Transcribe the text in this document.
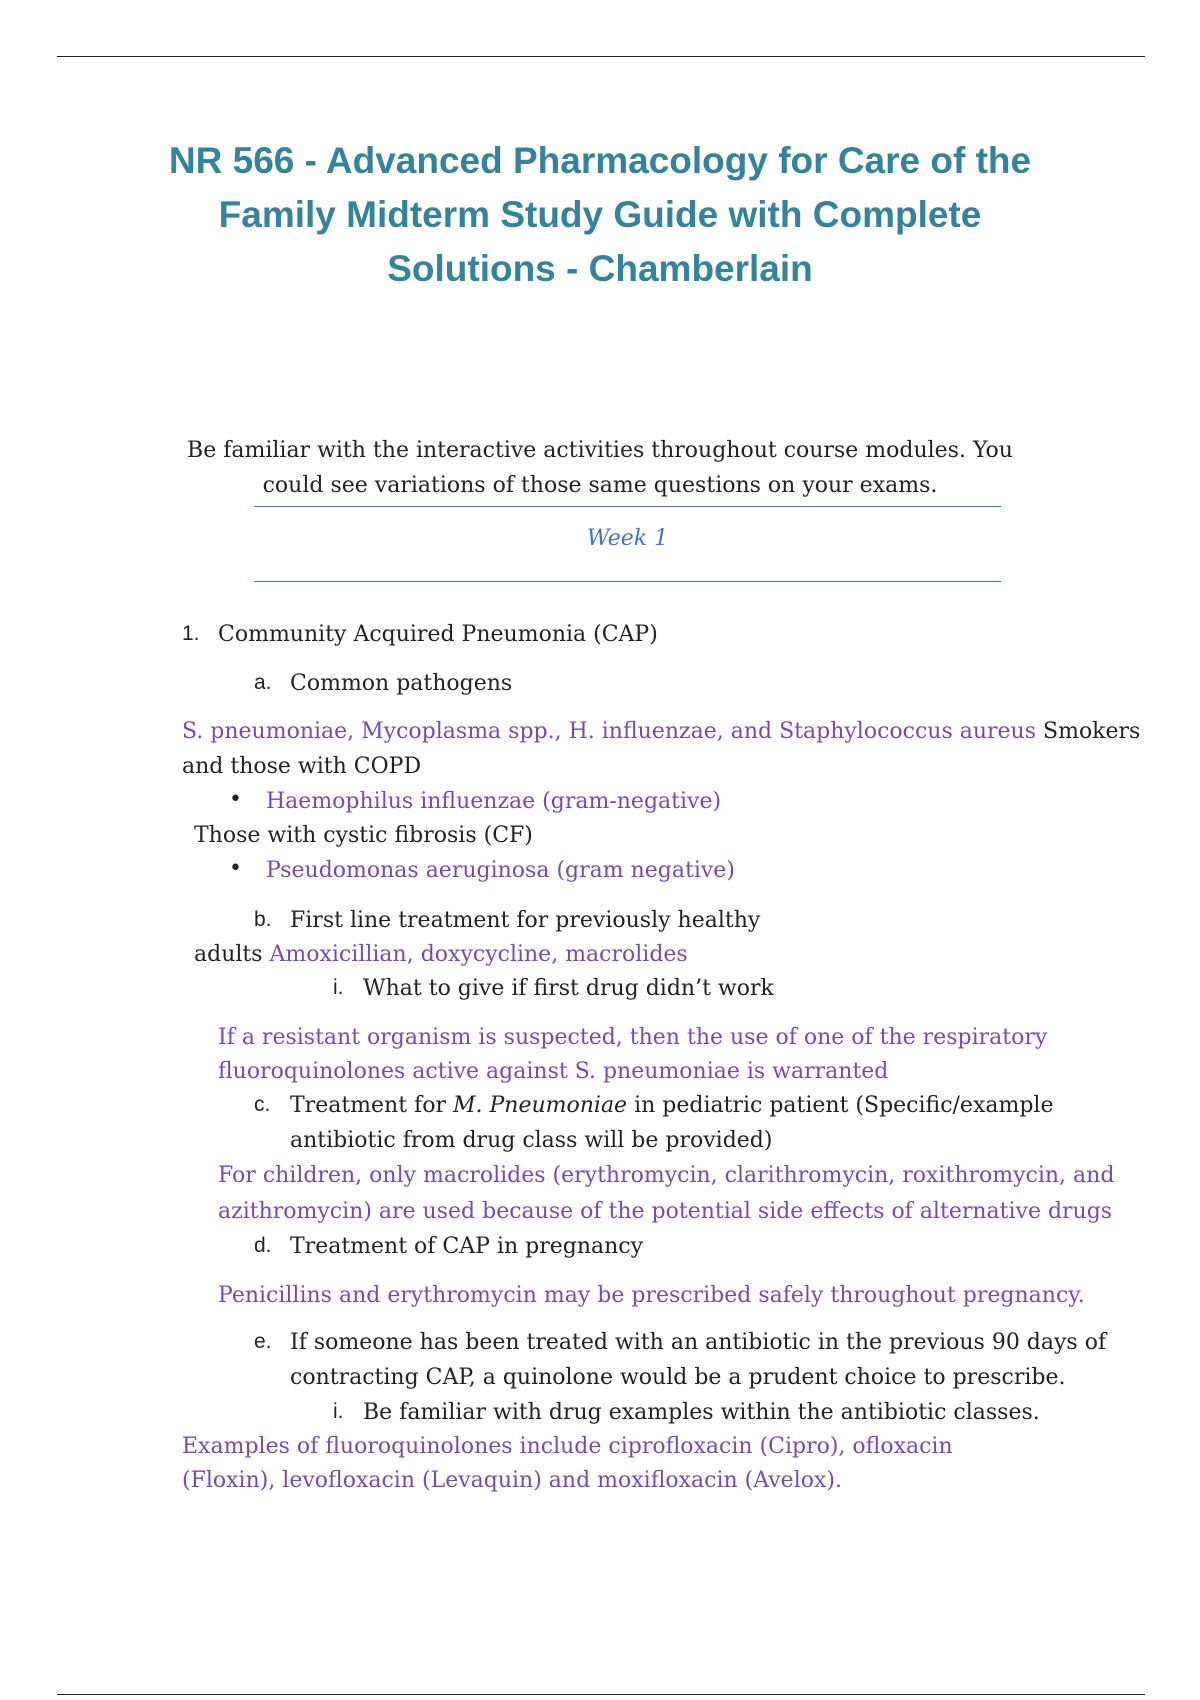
NR 566 - Advanced Pharmacology for Care of the
Family Midterm Study Guide with Complete
Solutions - Chamberlain
Be familiar with the interactive activities throughout course modules. You
could see variations of those same questions on your exams.
Week 1
1. Community Acquired Pneumonia (CAP)
a. Common pathogens
S. pneumoniae, Mycoplasma spp., H. influenzae, and Staphylococcus aureus Smokers
and those with COPD
• Haemophilus influenzae (gram-negative)
Those with cystic fibrosis (CF)
• Pseudomonas aeruginosa (gram negative)
b. First line treatment for previously healthy
adults Amoxicillian, doxycycline, macrolides
i. What to give if first drug didn’t work
If a resistant organism is suspected, then the use of one of the respiratory
fluoroquinolones active against S. pneumoniae is warranted
c. Treatment for M. Pneumoniae in pediatric patient (Specific/example
antibiotic from drug class will be provided)
For children, only macrolides (erythromycin, clarithromycin, roxithromycin, and
azithromycin) are used because of the potential side effects of alternative drugs
d. Treatment of CAP in pregnancy
Penicillins and erythromycin may be prescribed safely throughout pregnancy.
e. If someone has been treated with an antibiotic in the previous 90 days of
contracting CAP, a quinolone would be a prudent choice to prescribe.
i. Be familiar with drug examples within the antibiotic classes.
Examples of fluoroquinolones include ciprofloxacin (Cipro), ofloxacin
(Floxin), levofloxacin (Levaquin) and moxifloxacin (Avelox).
